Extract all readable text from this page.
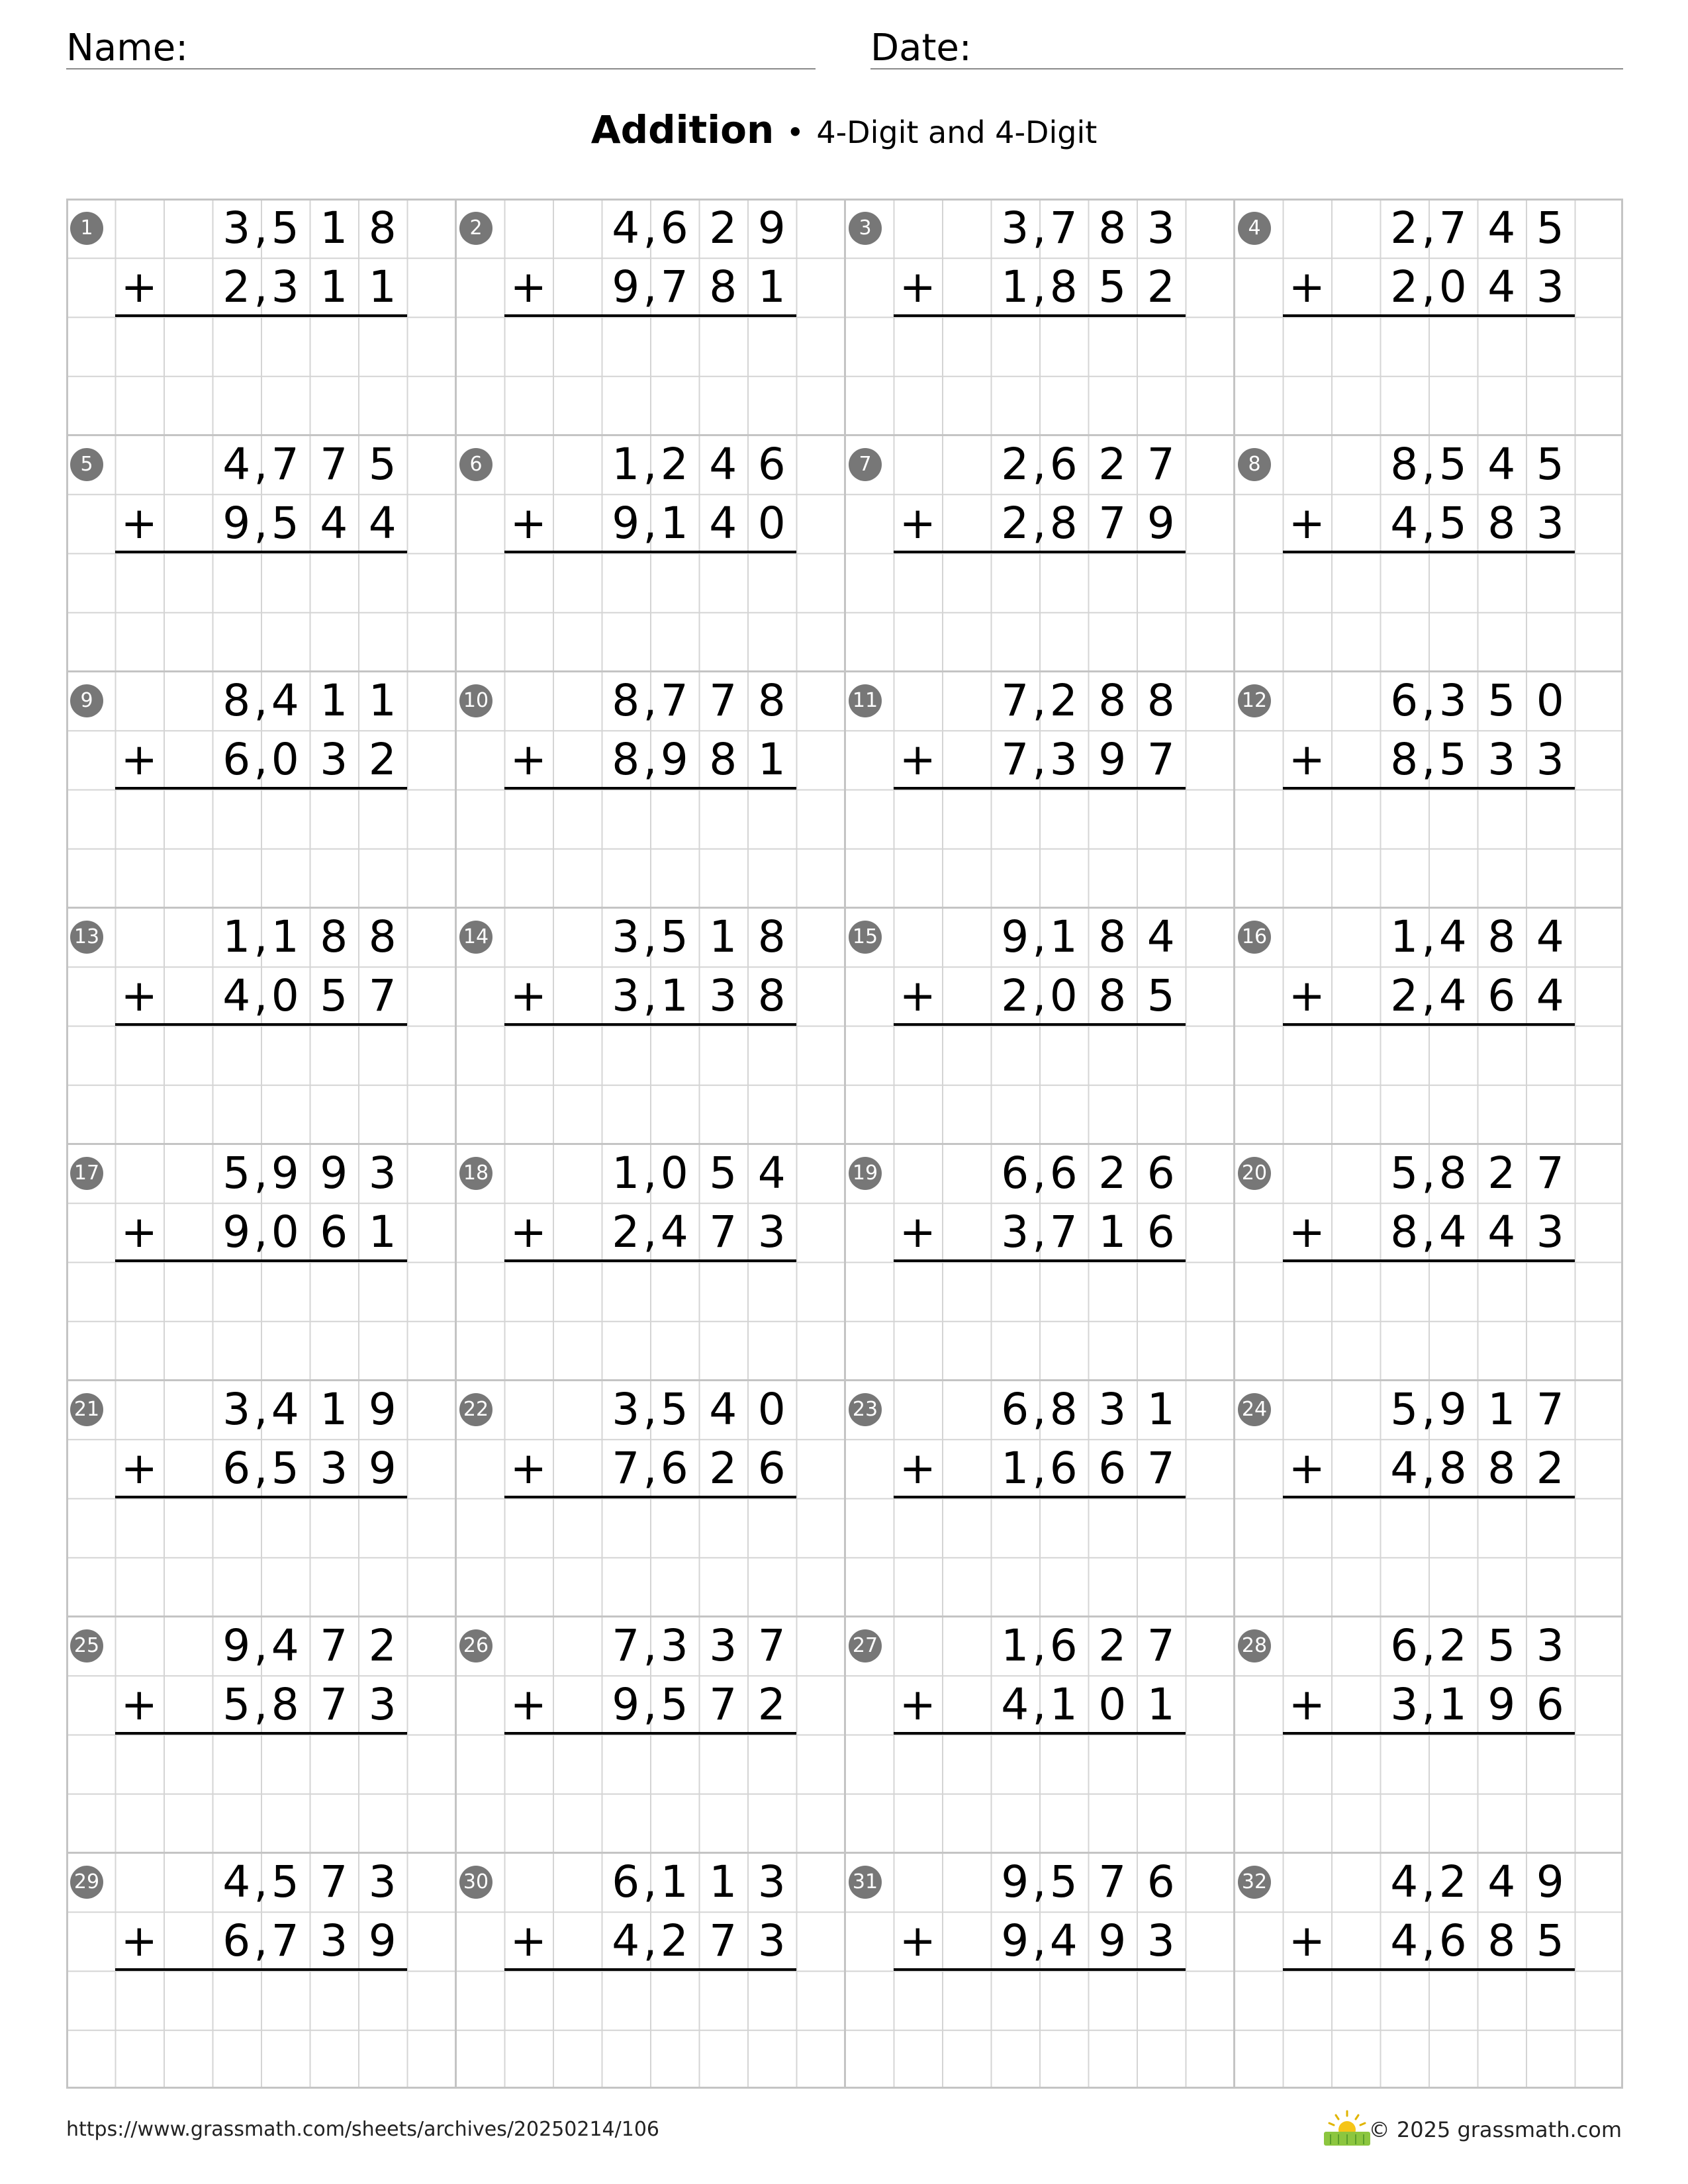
Name:	Date:
Addition • 4-Digit and 4-Digit
1	3 5 1 8
,
2 3 1 1
,
+
2	4 6 2 9
,
9 7 8 1
,
+
3	3 7 8 3
,
1 8 5 2
,
+
4	2 7 4 5
,
2 0 4 3
,
+
5	4 7 7 5
,
9 5 4 4
,
+
6	1 2 4 6
,
9 1 4 0
,
+
7	2 6 2 7
,
2 8 7 9
,
+
8	8 5 4 5
,
4 5 8 3
,
+
9	8 4 1 1
,
6 0 3 2
,
+
10	8 7 7 8
,
8 9 8 1
,
+
11	7 2 8 8
,
7 3 9 7
,
+
12	6 3 5 0
,
8 5 3 3
,
+
13	1 1 8 8
,
4 0 5 7
,
+
14	3 5 1 8
,
3 1 3 8
,
+
15	9 1 8 4
,
2 0 8 5
,
+
16	1 4 8 4
,
2 4 6 4
,
+
17	5 9 9 3
,
9 0 6 1
,
+
18	1 0 5 4
,
2 4 7 3
,
+
19	6 6 2 6
,
3 7 1 6
,
+
20	5 8 2 7
,
8 4 4 3
,
+
21	3 4 1 9
,
6 5 3 9
,
+
22	3 5 4 0
,
7 6 2 6
,
+
23	6 8 3 1
,
1 6 6 7
,
+
24	5 9 1 7
,
4 8 8 2
,
+
25	9 4 7 2
,
5 8 7 3
,
+
26	7 3 3 7
,
9 5 7 2
,
+
27	1 6 2 7
,
4 1 0 1
,
+
28	6 2 5 3
,
3 1 9 6
,
+
29	4 5 7 3
,
6 7 3 9
,
+
30	6 1 1 3
,
4 2 7 3
,
+
31	9 5 7 6
,
9 4 9 3
,
+
32	4 2 4 9
,
4 6 8 5
,
+
https://www.grassmath.com/sheets/archives/20250214/106	© 2025 grassmath.com
